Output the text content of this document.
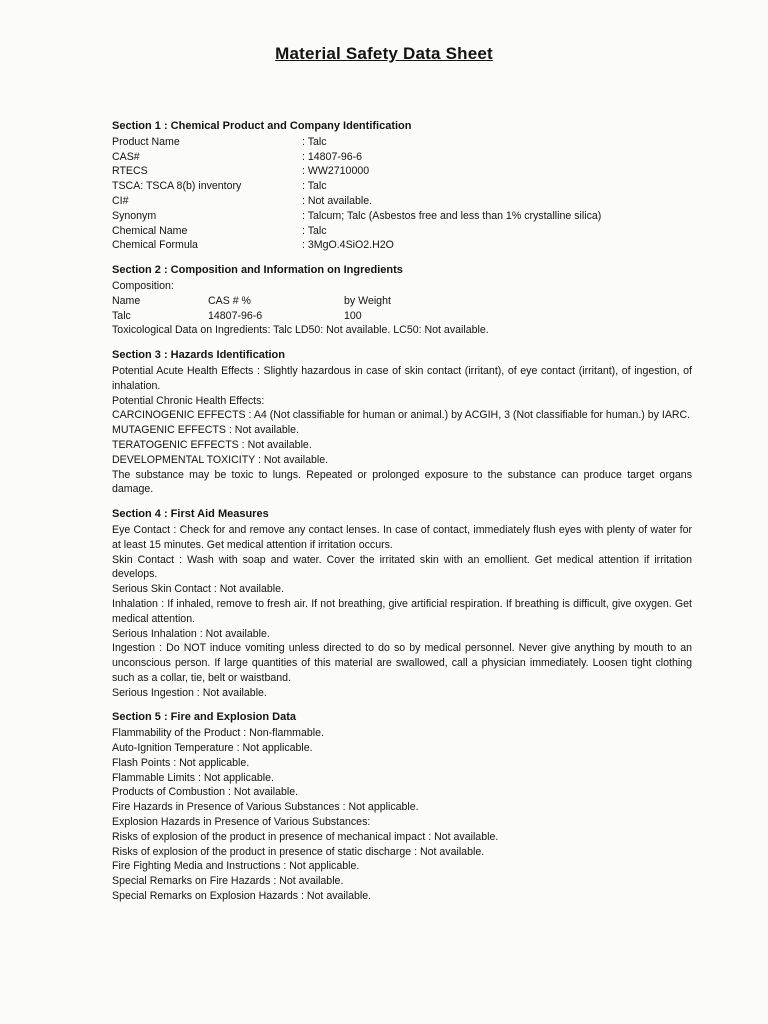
Material Safety Data Sheet
Section 1 : Chemical Product and Company Identification
Product Name	: Talc
CAS#	: 14807-96-6
RTECS	: WW2710000
TSCA: TSCA 8(b) inventory	: Talc
CI#	: Not available.
Synonym	: Talcum; Talc (Asbestos free and less than 1% crystalline silica)
Chemical Name	: Talc
Chemical Formula	: 3MgO.4SiO2.H2O
Section 2 : Composition and Information on Ingredients
Composition:
Name	CAS # %	by Weight
Talc	14807-96-6	100
Toxicological Data on Ingredients: Talc LD50: Not available. LC50: Not available.
Section 3 : Hazards Identification
Potential Acute Health Effects : Slightly hazardous in case of skin contact (irritant), of eye contact (irritant), of ingestion, of inhalation.
Potential Chronic Health Effects:
CARCINOGENIC EFFECTS : A4 (Not classifiable for human or animal.) by ACGIH, 3 (Not classifiable for human.) by IARC.
MUTAGENIC EFFECTS : Not available.
TERATOGENIC EFFECTS : Not available.
DEVELOPMENTAL TOXICITY : Not available.
The substance may be toxic to lungs. Repeated or prolonged exposure to the substance can produce target organs damage.
Section 4 : First Aid Measures
Eye Contact : Check for and remove any contact lenses. In case of contact, immediately flush eyes with plenty of water for at least 15 minutes. Get medical attention if irritation occurs.
Skin Contact : Wash with soap and water. Cover the irritated skin with an emollient. Get medical attention if irritation develops.
Serious Skin Contact : Not available.
Inhalation : If inhaled, remove to fresh air. If not breathing, give artificial respiration. If breathing is difficult, give oxygen. Get medical attention.
Serious Inhalation : Not available.
Ingestion : Do NOT induce vomiting unless directed to do so by medical personnel. Never give anything by mouth to an unconscious person. If large quantities of this material are swallowed, call a physician immediately. Loosen tight clothing such as a collar, tie, belt or waistband.
Serious Ingestion : Not available.
Section 5 : Fire and Explosion Data
Flammability of the Product : Non-flammable.
Auto-Ignition Temperature : Not applicable.
Flash Points : Not applicable.
Flammable Limits : Not applicable.
Products of Combustion : Not available.
Fire Hazards in Presence of Various Substances : Not applicable.
Explosion Hazards in Presence of Various Substances:
Risks of explosion of the product in presence of mechanical impact : Not available.
Risks of explosion of the product in presence of static discharge : Not available.
Fire Fighting Media and Instructions : Not applicable.
Special Remarks on Fire Hazards : Not available.
Special Remarks on Explosion Hazards : Not available.
